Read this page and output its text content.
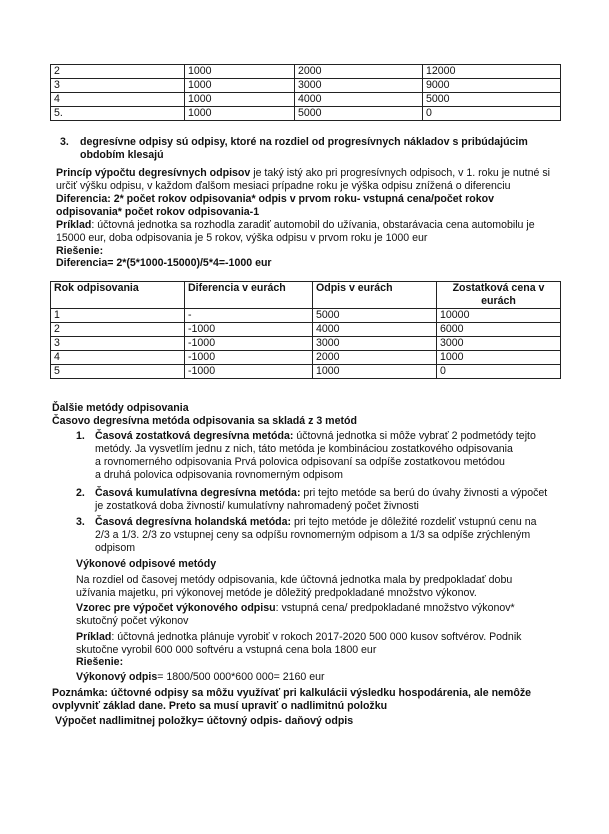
2	1000	2000	12000
3	1000	3000	9000
4	1000	4000	5000
5.	1000	5000	0
3. degresívne odpisy sú odpisy, ktoré na rozdiel od progresívnych nákladov s pribúdajúcim
obdobím klesajú

Princíp výpočtu degresívnych odpisov je taký istý ako pri progresívnych odpisoch, v 1. roku je nutné si

určiť výšku odpisu, v každom ďalšom mesiaci prípadne roku je výška odpisu znížená o diferenciu

Diferencia: 2* počet rokov odpisovania* odpis v prvom roku- vstupná cena/počet rokov

odpisovania* počet rokov odpisovania-1

Príklad: účtovná jednotka sa rozhodla zaradiť automobil do užívania, obstarávacia cena automobilu je

15000 eur, doba odpisovania je 5 rokov, výška odpisu v prvom roku je 1000 eur

Riešenie:

Diferencia= 2*(5*1000-15000)/5*4=-1000 eur

Rok odpisovania	Diferencia v eurách	Odpis v eurách	Zostatková cena v eurách
1	-	5000	10000
2	-1000	4000	6000
3	-1000	3000	3000
4	-1000	2000	1000
5	-1000	1000	0

Ďalšie metódy odpisovania

Časovo degresívna metóda odpisovania sa skladá z 3 metód

1. Časová zostatková degresívna metóda: účtovná jednotka si môže vybrať 2 podmetódy tejto

metódy. Ja vysvetlím jednu z nich, táto metóda je kombináciou zostatkového odpisovania

a rovnomerného odpisovania Prvá polovica odpisovaní sa odpíše zostatkovou metódou

a druhá polovica odpisovania rovnomerným odpisom

2. Časová kumulatívna degresívna metóda: pri tejto metóde sa berú do úvahy živnosti a výpočet

je zostatková doba živnosti/ kumulatívny nahromadený počet živnosti

3. Časová degresívna holandská metóda: pri tejto metóde je dôležité rozdeliť vstupnú cenu na

2/3 a 1/3. 2/3 zo vstupnej ceny sa odpíšu rovnomerným odpisom a 1/3 sa odpíše zrýchleným

odpisom

Výkonové odpisové metódy

Na rozdiel od časovej metódy odpisovania, kde účtovná jednotka mala by predpokladať dobu

užívania majetku, pri výkonovej metóde je dôležitý predpokladané množstvo výkonov.

Vzorec pre výpočet výkonového odpisu: vstupná cena/ predpokladané množstvo výkonov*

skutočný počet výkonov

Príklad: účtovná jednotka plánuje vyrobiť v rokoch 2017-2020 500 000 kusov softvérov. Podnik

skutočne vyrobil 600 000 softvéru a vstupná cena bola 1800 eur

Riešenie:

Výkonový odpis= 1800/500 000*600 000= 2160 eur

Poznámka: účtovné odpisy sa môžu využívať pri kalkulácii výsledku hospodárenia, ale nemôže

ovplyvniť základ dane. Preto sa musí upraviť o nadlimitnú položku

Výpočet nadlimitnej položky= účtovný odpis- daňový odpis
